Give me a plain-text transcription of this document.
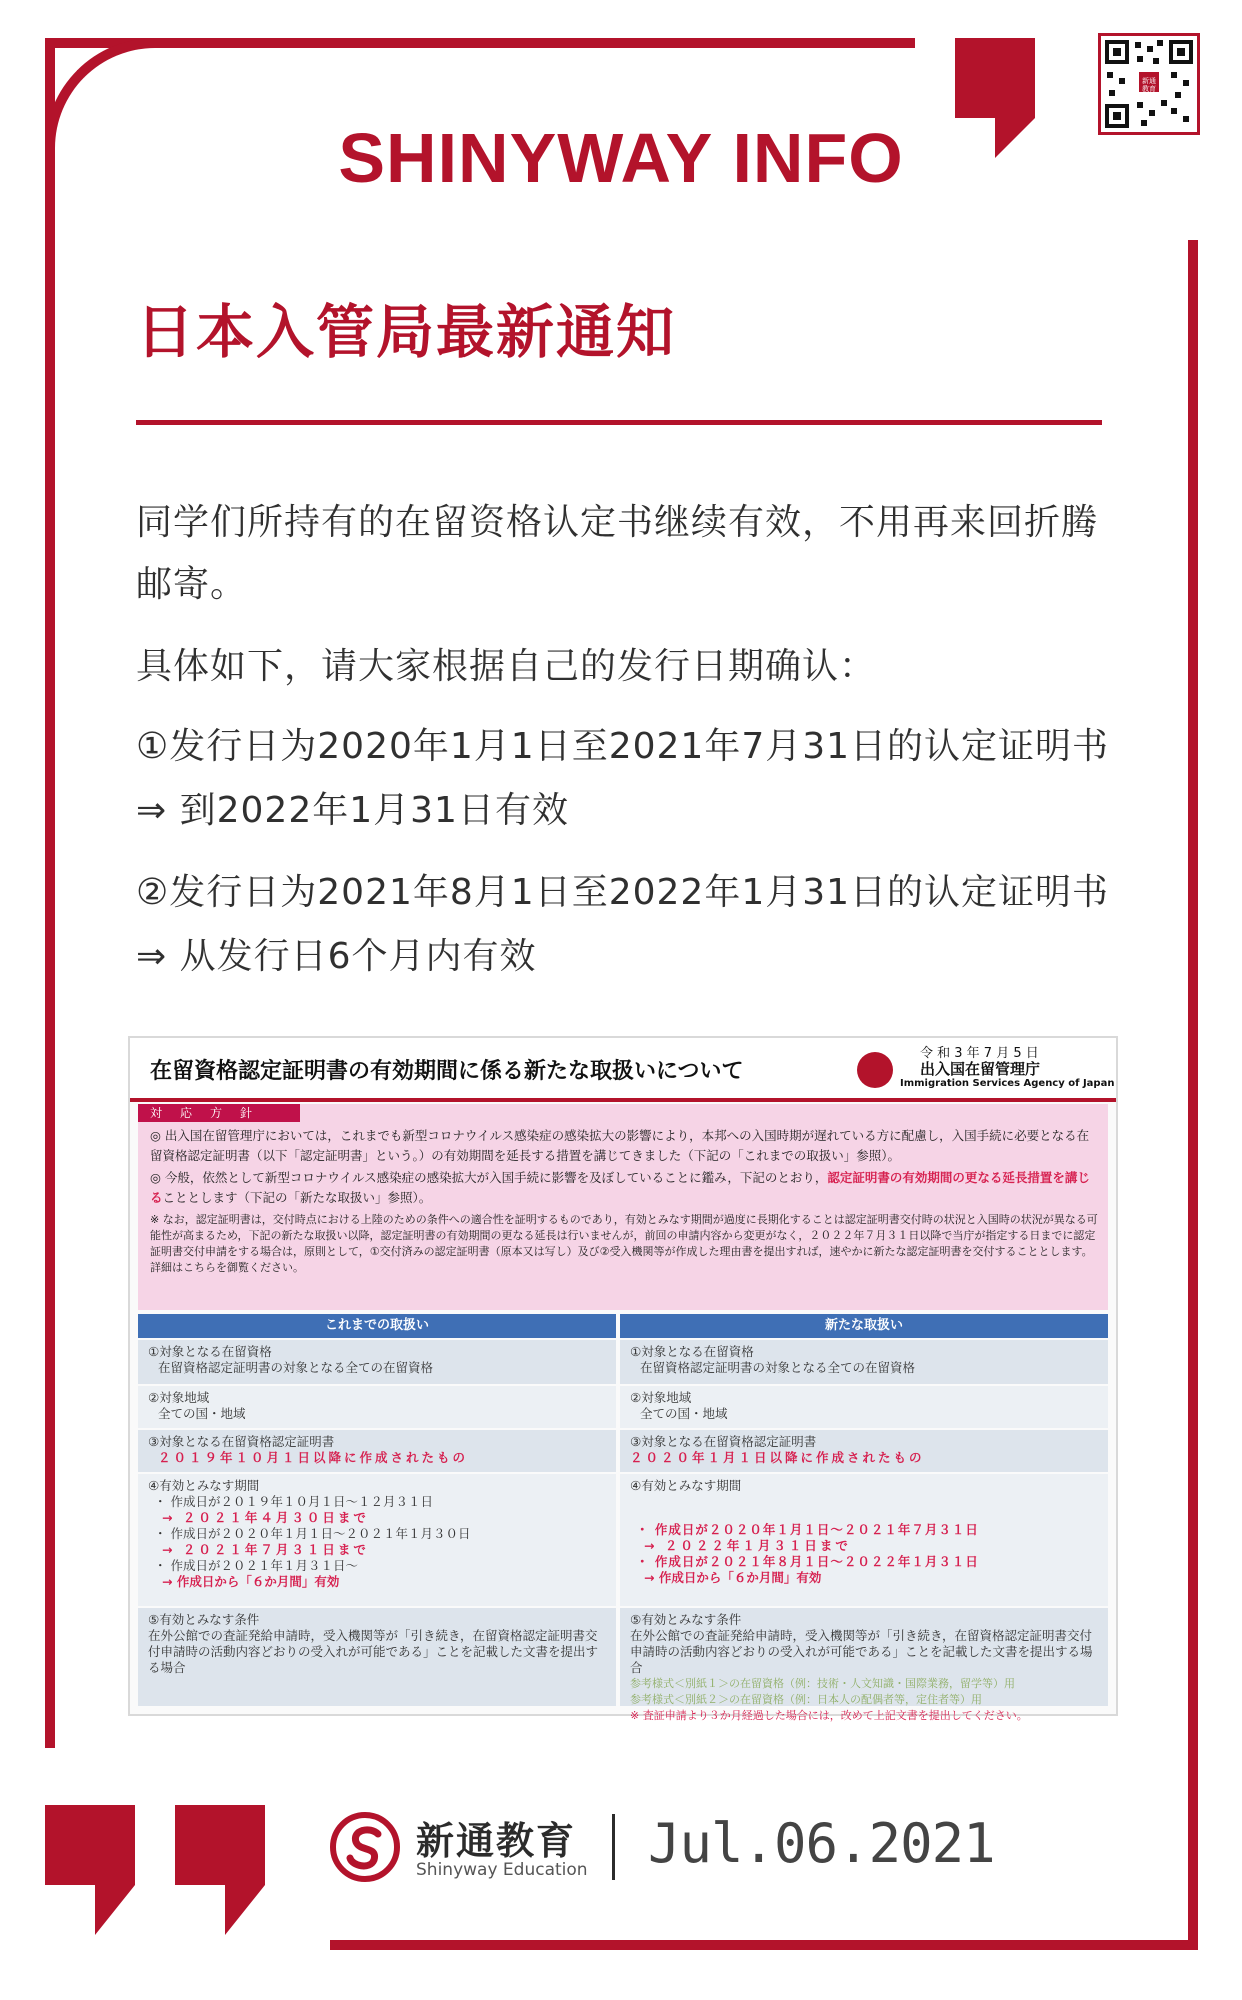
新通
教育
SHINYWAY INFO
日本入管局最新通知
同学们所持有的在留资格认定书继续有效，不用再来回折腾邮寄。
具体如下，请大家根据自己的发行日期确认：
①发行日为2020年1月1日至2021年7月31日的认定证明书
⇒ 到2022年1月31日有效
②发行日为2021年8月1日至2022年1月31日的认定证明书
⇒ 从发行日6个月内有效
在留資格認定証明書の有効期間に係る新たな取扱いについて
令 和 3 年 7 月 5 日
出入国在留管理庁
Immigration Services Agency of Japan
対応方針
◎ 出入国在留管理庁においては，これまでも新型コロナウイルス感染症の感染拡大の影響により，本邦への入国時期が遅れている方に配慮し，入国手続に必要となる在留資格認定証明書（以下「認定証明書」という。）の有効期間を延長する措置を講じてきました（下記の「これまでの取扱い」参照）。
◎ 今般，依然として新型コロナウイルス感染症の感染拡大が入国手続に影響を及ぼしていることに鑑み，下記のとおり，認定証明書の有効期間の更なる延長措置を講じることとします（下記の「新たな取扱い」参照）。
※ なお，認定証明書は，交付時点における上陸のための条件への適合性を証明するものであり，有効とみなす期間が過度に長期化することは認定証明書交付時の状況と入国時の状況が異なる可能性が高まるため，下記の新たな取扱い以降，認定証明書の有効期間の更なる延長は行いませんが，前回の申請内容から変更がなく，２０２２年７月３１日以降で当庁が指定する日までに認定証明書交付申請をする場合は，原則として，①交付済みの認定証明書（原本又は写し）及び②受入機関等が作成した理由書を提出すれば，速やかに新たな認定証明書を交付することとします。詳細はこちらを御覧ください。
これまでの取扱い	新たな取扱い
①対象となる在留資格
在留資格認定証明書の対象となる全ての在留資格
①対象となる在留資格
在留資格認定証明書の対象となる全ての在留資格
②対象地域
全ての国・地域
②対象地域
全ての国・地域
③対象となる在留資格認定証明書
２０１９年１０月１日以降に作成されたもの
③対象となる在留資格認定証明書
２０２０年１月１日以降に作成されたもの
④有効とみなす期間
・ 作成日が２０１９年１０月１日～１２月３１日
→ ２０２１年４月３０日まで
・ 作成日が２０２０年１月１日～２０２１年１月３０日
→ ２０２１年７月３１日まで
・ 作成日が２０２１年１月３１日～
→ 作成日から「６か月間」有効
④有効とみなす期間
・ 作成日が２０２０年１月１日～２０２１年７月３１日
→ ２０２２年１月３１日まで
・ 作成日が２０２１年８月１日～２０２２年１月３１日
→ 作成日から「６か月間」有効
⑤有効とみなす条件
在外公館での査証発給申請時，受入機関等が「引き続き，在留資格認定証明書交付申請時の活動内容どおりの受入れが可能である」ことを記載した文書を提出する場合
⑤有効とみなす条件
在外公館での査証発給申請時，受入機関等が「引き続き，在留資格認定証明書交付申請時の活動内容どおりの受入れが可能である」ことを記載した文書を提出する場合
参考様式＜別紙１＞の在留資格（例：技術・人文知識・国際業務，留学等）用
参考様式＜別紙２＞の在留資格（例：日本人の配偶者等，定住者等）用
※ 査証申請より３か月経過した場合には，改めて上記文書を提出してください。
新通教育
Shinyway Education Jul.06.2021
